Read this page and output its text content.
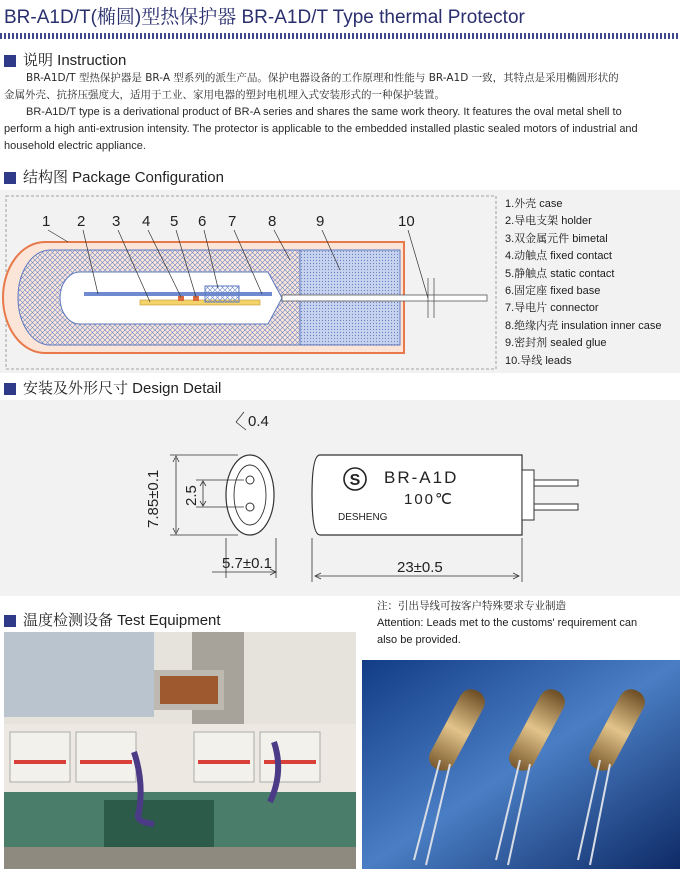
BR-A1D/T(椭圆)型热保护器 BR-A1D/T Type thermal Protector
说明 Instruction
BR-A1D/T 型热保护器是 BR-A 型系列的派生产品。保护电器设备的工作原理和性能与 BR-A1D 一致，其特点是采用椭圆形状的
金属外壳、抗挤压强度大，适用于工业、家用电器的塑封电机埋入式安装形式的一种保护装置。
BR-A1D/T type is a derivational product of BR-A series and shares the same work theory. It features the oval metal shell to
perform a high anti-extrusion intensity. The protector is applicable to the embedded installed plastic sealed motors of industrial and
household electric appliance.
结构图 Package Configuration
1 2 3 4 5 6 7 8	9	10
1.外壳 case
2.导电支架 holder
3.双金属元件 bimetal
4.动触点 fixed contact
5.静触点 static contact
6.固定座 fixed base
7.导电片 connector
8.绝缘内壳 insulation inner case
9.密封剂 sealed glue
10.导线 leads
安装及外形尺寸 Design Detail
S BR-A1D
100℃
DESHENG
0.4
5.7±0.1	23±0.5
7.85±0.1 2.5
注：引出导线可按客户特殊要求专业制造
Attention: Leads met to the customs' requirement can
also be provided.
温度检测设备 Test Equipment
